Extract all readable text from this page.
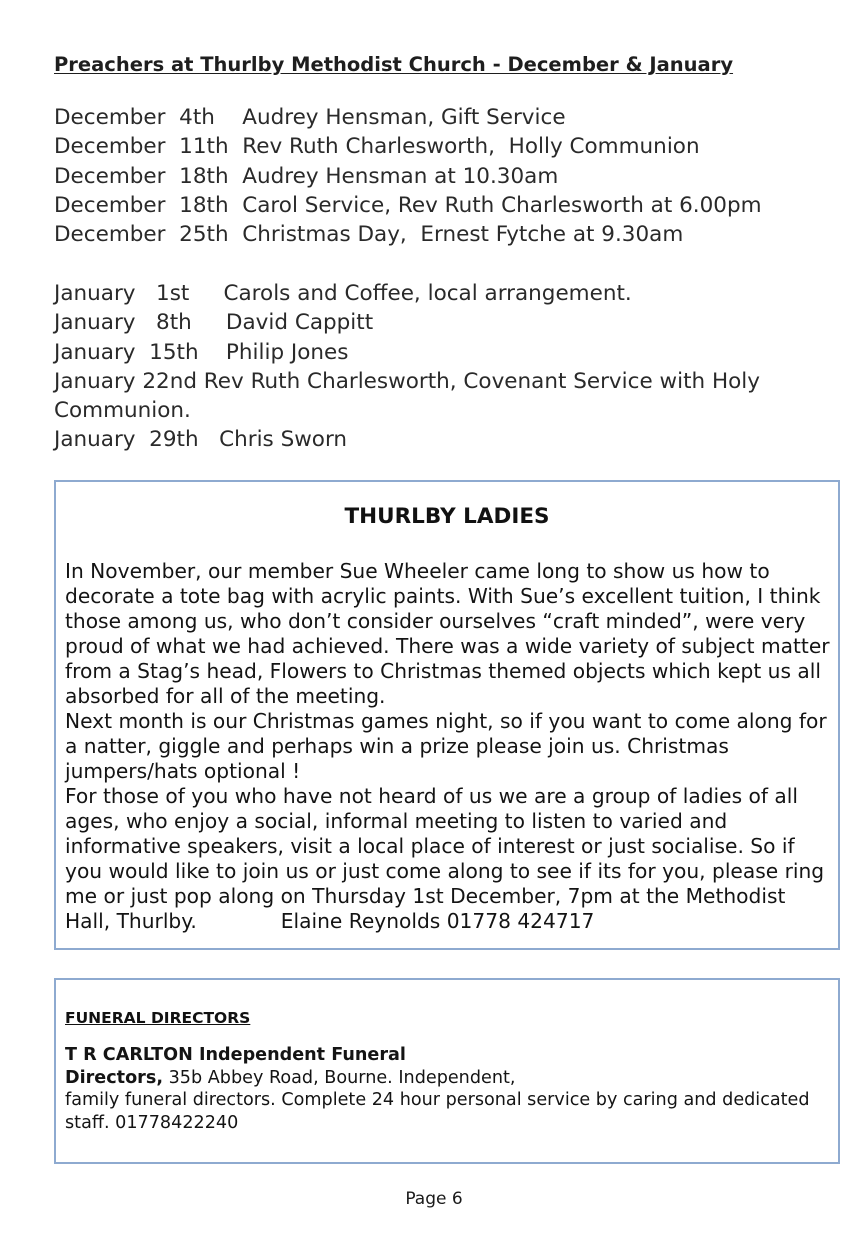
Preachers at Thurlby Methodist Church - December & January
December  4th    Audrey Hensman, Gift Service
December  11th  Rev Ruth Charlesworth,  Holly Communion
December  18th  Audrey Hensman at 10.30am
December  18th  Carol Service, Rev Ruth Charlesworth at 6.00pm
December  25th  Christmas Day,  Ernest Fytche at 9.30am
January   1st     Carols and Coffee, local arrangement.
January   8th     David Cappitt
January  15th    Philip Jones
January 22nd Rev Ruth Charlesworth, Covenant Service with Holy Communion.
January  29th   Chris Sworn
THURLBY LADIES

In November, our member Sue Wheeler came long to show us how to decorate a tote bag with acrylic paints. With Sue’s excellent tuition, I think those among us, who don’t consider ourselves “craft minded”, were very proud of what we had achieved. There was a wide variety of subject matter from a Stag’s head, Flowers to Christmas themed objects which kept us all absorbed for all of the meeting.

Next month is our Christmas games night, so if you want to come along for a natter, giggle and perhaps win a prize please join us. Christmas jumpers/hats optional !

For those of you who have not heard of us we are a group of ladies of all ages, who enjoy a social, informal meeting to listen to varied and informative speakers, visit a local place of interest or just socialise. So if you would like to join us or just come along to see if its for you, please ring me or just pop along on Thursday 1st December, 7pm at the Methodist Hall, Thurlby.	Elaine Reynolds 01778 424717

FUNERAL DIRECTORS

T R CARLTON Independent Funeral

Directors, 35b Abbey Road, Bourne. Independent,

family funeral directors. Complete 24 hour personal service by caring and dedicated staff. 01778422240

Page 6
